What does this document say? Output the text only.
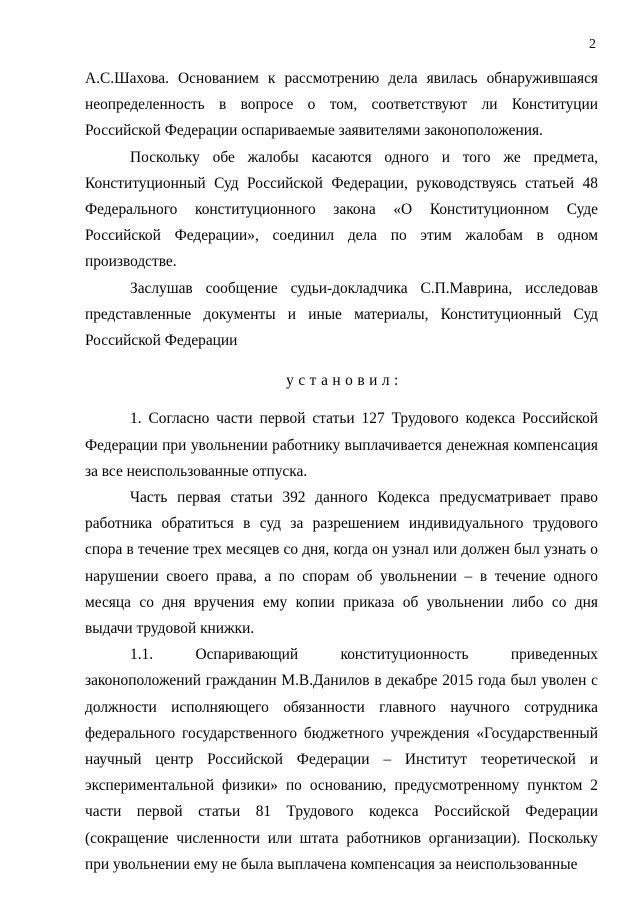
2

А.С.Шахова. Основанием к рассмотрению дела явилась обнаружившаяся неопределенность в вопросе о том, соответствуют ли Конституции Российской Федерации оспариваемые заявителями законоположения.

Поскольку обе жалобы касаются одного и того же предмета, Конституционный Суд Российской Федерации, руководствуясь статьей 48 Федерального конституционного закона «О Конституционном Суде Российской Федерации», соединил дела по этим жалобам в одном производстве.

Заслушав сообщение судьи-докладчика С.П.Маврина, исследовав представленные документы и иные материалы, Конституционный Суд Российской Федерации

установил:

1. Согласно части первой статьи 127 Трудового кодекса Российской Федерации при увольнении работнику выплачивается денежная компенсация за все неиспользованные отпуска.

Часть первая статьи 392 данного Кодекса предусматривает право работника обратиться в суд за разрешением индивидуального трудового спора в течение трех месяцев со дня, когда он узнал или должен был узнать о нарушении своего права, а по спорам об увольнении – в течение одного месяца со дня вручения ему копии приказа об увольнении либо со дня выдачи трудовой книжки.

1.1. Оспаривающий конституционность приведенных законоположений гражданин М.В.Данилов в декабре 2015 года был уволен с должности исполняющего обязанности главного научного сотрудника федерального государственного бюджетного учреждения «Государственный научный центр Российской Федерации – Институт теоретической и экспериментальной физики» по основанию, предусмотренному пунктом 2 части первой статьи 81 Трудового кодекса Российской Федерации (сокращение численности или штата работников организации). Поскольку при увольнении ему не была выплачена компенсация за неиспользованные
